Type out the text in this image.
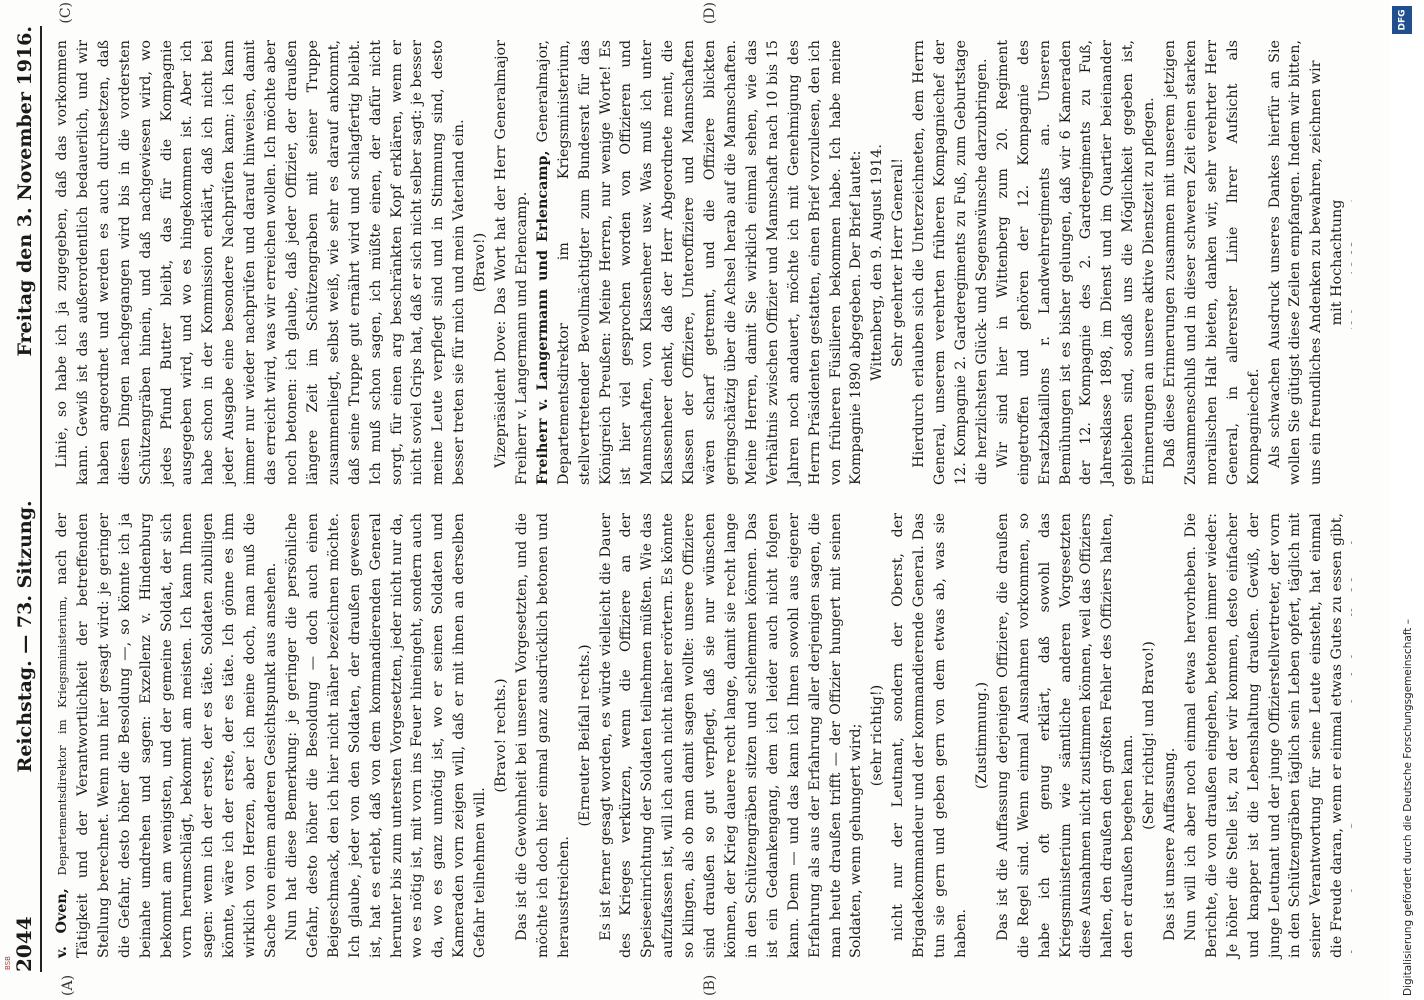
2044
Reichstag. — 73. Sitzung.
Freitag den 3. November 1916.
(A)	(B)
(C)	(D)

v. Oven, Departementsdirektor im Kriegsministerium, nach der Tätigkeit und der Verantwortlichkeit der betreffenden Stellung berechnet. Wenn nun hier gesagt wird: je geringer die Gefahr, desto höher die Besoldung —, so könnte ich ja beinahe umdrehen und sagen: Exzellenz v. Hindenburg bekommt am wenigsten, und der gemeine Soldat, der sich vorn herumschlägt, bekommt am meisten. Ich kann Ihnen sagen: wenn ich der erste, der es täte. Soldaten zubilligen könnte, wäre ich der erste, der es täte. Ich gönne es ihm wirklich von Herzen, aber ich meine doch, man muß die Sache von einem anderen Gesichtspunkt aus ansehen. Nun hat diese Bemerkung: je geringer die persönliche Gefahr, desto höher die Besoldung — doch auch einen Beigeschmack, den ich hier nicht näher bezeichnen möchte. Ich glaube, jeder von den Soldaten, der draußen gewesen ist, hat es erlebt, daß von dem kommandierenden General herunter bis zum untersten Vorgesetzten, jeder nicht nur da, wo es nötig ist, mit vorn ins Feuer hineingeht, sondern auch da, wo es ganz unnötig ist, wo er seinen Soldaten und Kameraden vorn zeigen will, daß er mit ihnen an derselben Gefahr teilnehmen will.

(Bravo! rechts.) Das ist die Gewohnheit bei unseren Vorgesetzten, und die möchte ich doch hier einmal ganz ausdrücklich betonen und herausstreichen.

(Erneuter Beifall rechts.) Es ist ferner gesagt worden, es würde vielleicht die Dauer des Krieges verkürzen, wenn die Offiziere an der Speiseeinrichtung der Soldaten teilnehmen müßten. Wie das aufzufassen ist, will ich auch nicht näher erörtern. Es könnte so klingen, als ob man damit sagen wollte: unsere Offiziere sind draußen so gut verpflegt, daß sie nur wünschen können, der Krieg dauere recht lange, damit sie recht lange in den Schützengräben sitzen und schlemmen können. Das ist ein Gedankengang, dem ich leider auch nicht folgen kann. Denn — und das kann ich Ihnen sowohl aus eigener Erfahrung als aus der Erfahrung aller derjenigen sagen, die man heute draußen trifft — der Offizier hungert mit seinen Soldaten, wenn gehungert wird; (sehr richtig!) nicht nur der Leutnant, sondern der Oberst, der Brigadekommandeur und der kommandierende General. Das tun sie gern und geben gern von dem etwas ab, was sie haben.

(Zustimmung.) Das ist die Auffassung derjenigen Offiziere, die draußen die Regel sind. Wenn einmal Ausnahmen vorkommen, so habe ich oft genug erklärt, daß sowohl das Kriegsministerium wie sämtliche anderen Vorgesetzten diese Ausnahmen nicht zustimmen können, weil das Offiziers halten, den draußen den größten Fehler des Offiziers halten, den er draußen begehen kann. (Sehr richtig! und Bravo!)

Das ist unsere Auffassung. Nun will ich aber noch einmal etwas hervorheben. Die Berichte, die von draußen eingehen, betonen immer wieder: Je höher die Stelle ist, zu der wir kommen, desto einfacher und knapper ist die Lebenshaltung draußen. Gewiß, der junge Leutnant und der junge Offizierstellvertreter, der vorn in den Schützengräben täglich sein Leben opfert, täglich mit seiner Verantwortung für seine Leute einsteht, hat einmal die Freude daran, wenn er einmal etwas Gutes zu essen gibt,

Linie, so habe ich ja zugegeben, daß das vorkommen kann. Gewiß ist das außerordentlich bedauerlich, und wir haben angeordnet und werden es auch durchsetzen, daß diesen Dingen nachgegangen wird bis in die vordersten Schützengräben hinein, und daß nachgewiesen wird, wo jedes Pfund Butter bleibt, das für die Kompagnie ausgegeben wird, und wo es hingekommen ist. Aber ich habe schon in der Kommission erklärt, daß ich nicht bei jeder Ausgabe eine besondere Nachprüfen kann; ich kann immer nur wieder nachprüfen und darauf hinweisen, damit das erreicht wird, was wir erreichen wollen. Ich möchte aber noch betonen: ich glaube, daß jeder Offizier, der draußen längere Zeit im Schützengraben mit seiner Truppe zusammenliegt, selbst weiß, wie sehr es darauf ankommt, daß seine Truppe gut ernährt wird und schlagfertig bleibt. Ich muß schon sagen, ich müßte einen, der dafür nicht sorgt, für einen arg beschränkten Kopf erklären, wenn er nicht soviel Grips hat, daß er sich nicht selber sagt: je besser meine Leute verpflegt sind und in Stimmung sind, desto besser treten sie für mich und mein Vaterland ein. (Bravo!) Vizepräsident Dove: Das Wort hat der Herr Generalmajor Freiherr v. Langermann und Erlencamp. Freiherr v. Langermann und Erlencamp, Generalmajor, Departementsdirektor im Kriegsministerium, stellvertretender Bevollmächtigter zum Bundesrat für das Königreich Preußen: Meine Herren, nur wenige Worte! Es ist hier viel gesprochen worden von Offizieren und Mannschaften, von Klassenheer usw. Was muß ich unter Klassenheer denkt, daß der Herr Abgeordnete meint, die Klassen der Offiziere, Unteroffiziere und Mannschaften wären scharf getrennt, und die Offiziere blickten geringschätzig über die Achsel herab auf die Mannschaften. Meine Herren, damit Sie wirklich einmal sehen, wie das Verhältnis zwischen Offizier und Mannschaft nach 10 bis 15 Jahren noch andauert, möchte ich mit Genehmigung des Herrn Präsidenten gestatten, einen Brief vorzulesen, den ich von früheren Füsilieren bekommen habe. Ich habe meine Kompagnie 1890 abgegeben. Der Brief lautet: Wittenberg, den 9. August 1914. Sehr geehrter Herr General! Hierdurch erlauben sich die Unterzeichneten, dem Herrn General, unserem verehrten früheren Kompagniechef der 12. Kompagnie 2. Garderegiments zu Fuß, zum Geburtstage die herzlichsten Glück- und Segenswünsche darzubringen. Wir sind hier in Wittenberg zum 20. Regiment eingetroffen und gehören der 12. Kompagnie des Ersatzbataillons r. Landwehrregiments an. Unseren Bemühungen ist es bisher gelungen, daß wir 6 Kameraden der 12. Kompagnie des 2. Garderegiments zu Fuß, Jahresklasse 1898, im Dienst und im Quartier beieinander geblieben sind, sodaß uns die Möglichkeit gegeben ist, Erinnerungen an unsere aktive Dienstzeit zu pflegen. Daß diese Erinnerungen zusammen mit unserem jetzigen Zusammenschluß und in dieser schweren Zeit einen starken moralischen Halt bieten, danken wir, sehr verehrter Herr General, in allererster Linie Ihrer Aufsicht als Kompagniechef. Als schwachen Ausdruck unseres Dankes hierfür an Sie wollen Sie gütigst diese Zeilen empfangen. Indem wir bitten, uns ein freundliches Andenken zu bewahren, zeichnen wir mit Hochachtung

DFG
Digitalisierung gefördert durch die Deutsche Forschungsgemeinschaft –
BSB
